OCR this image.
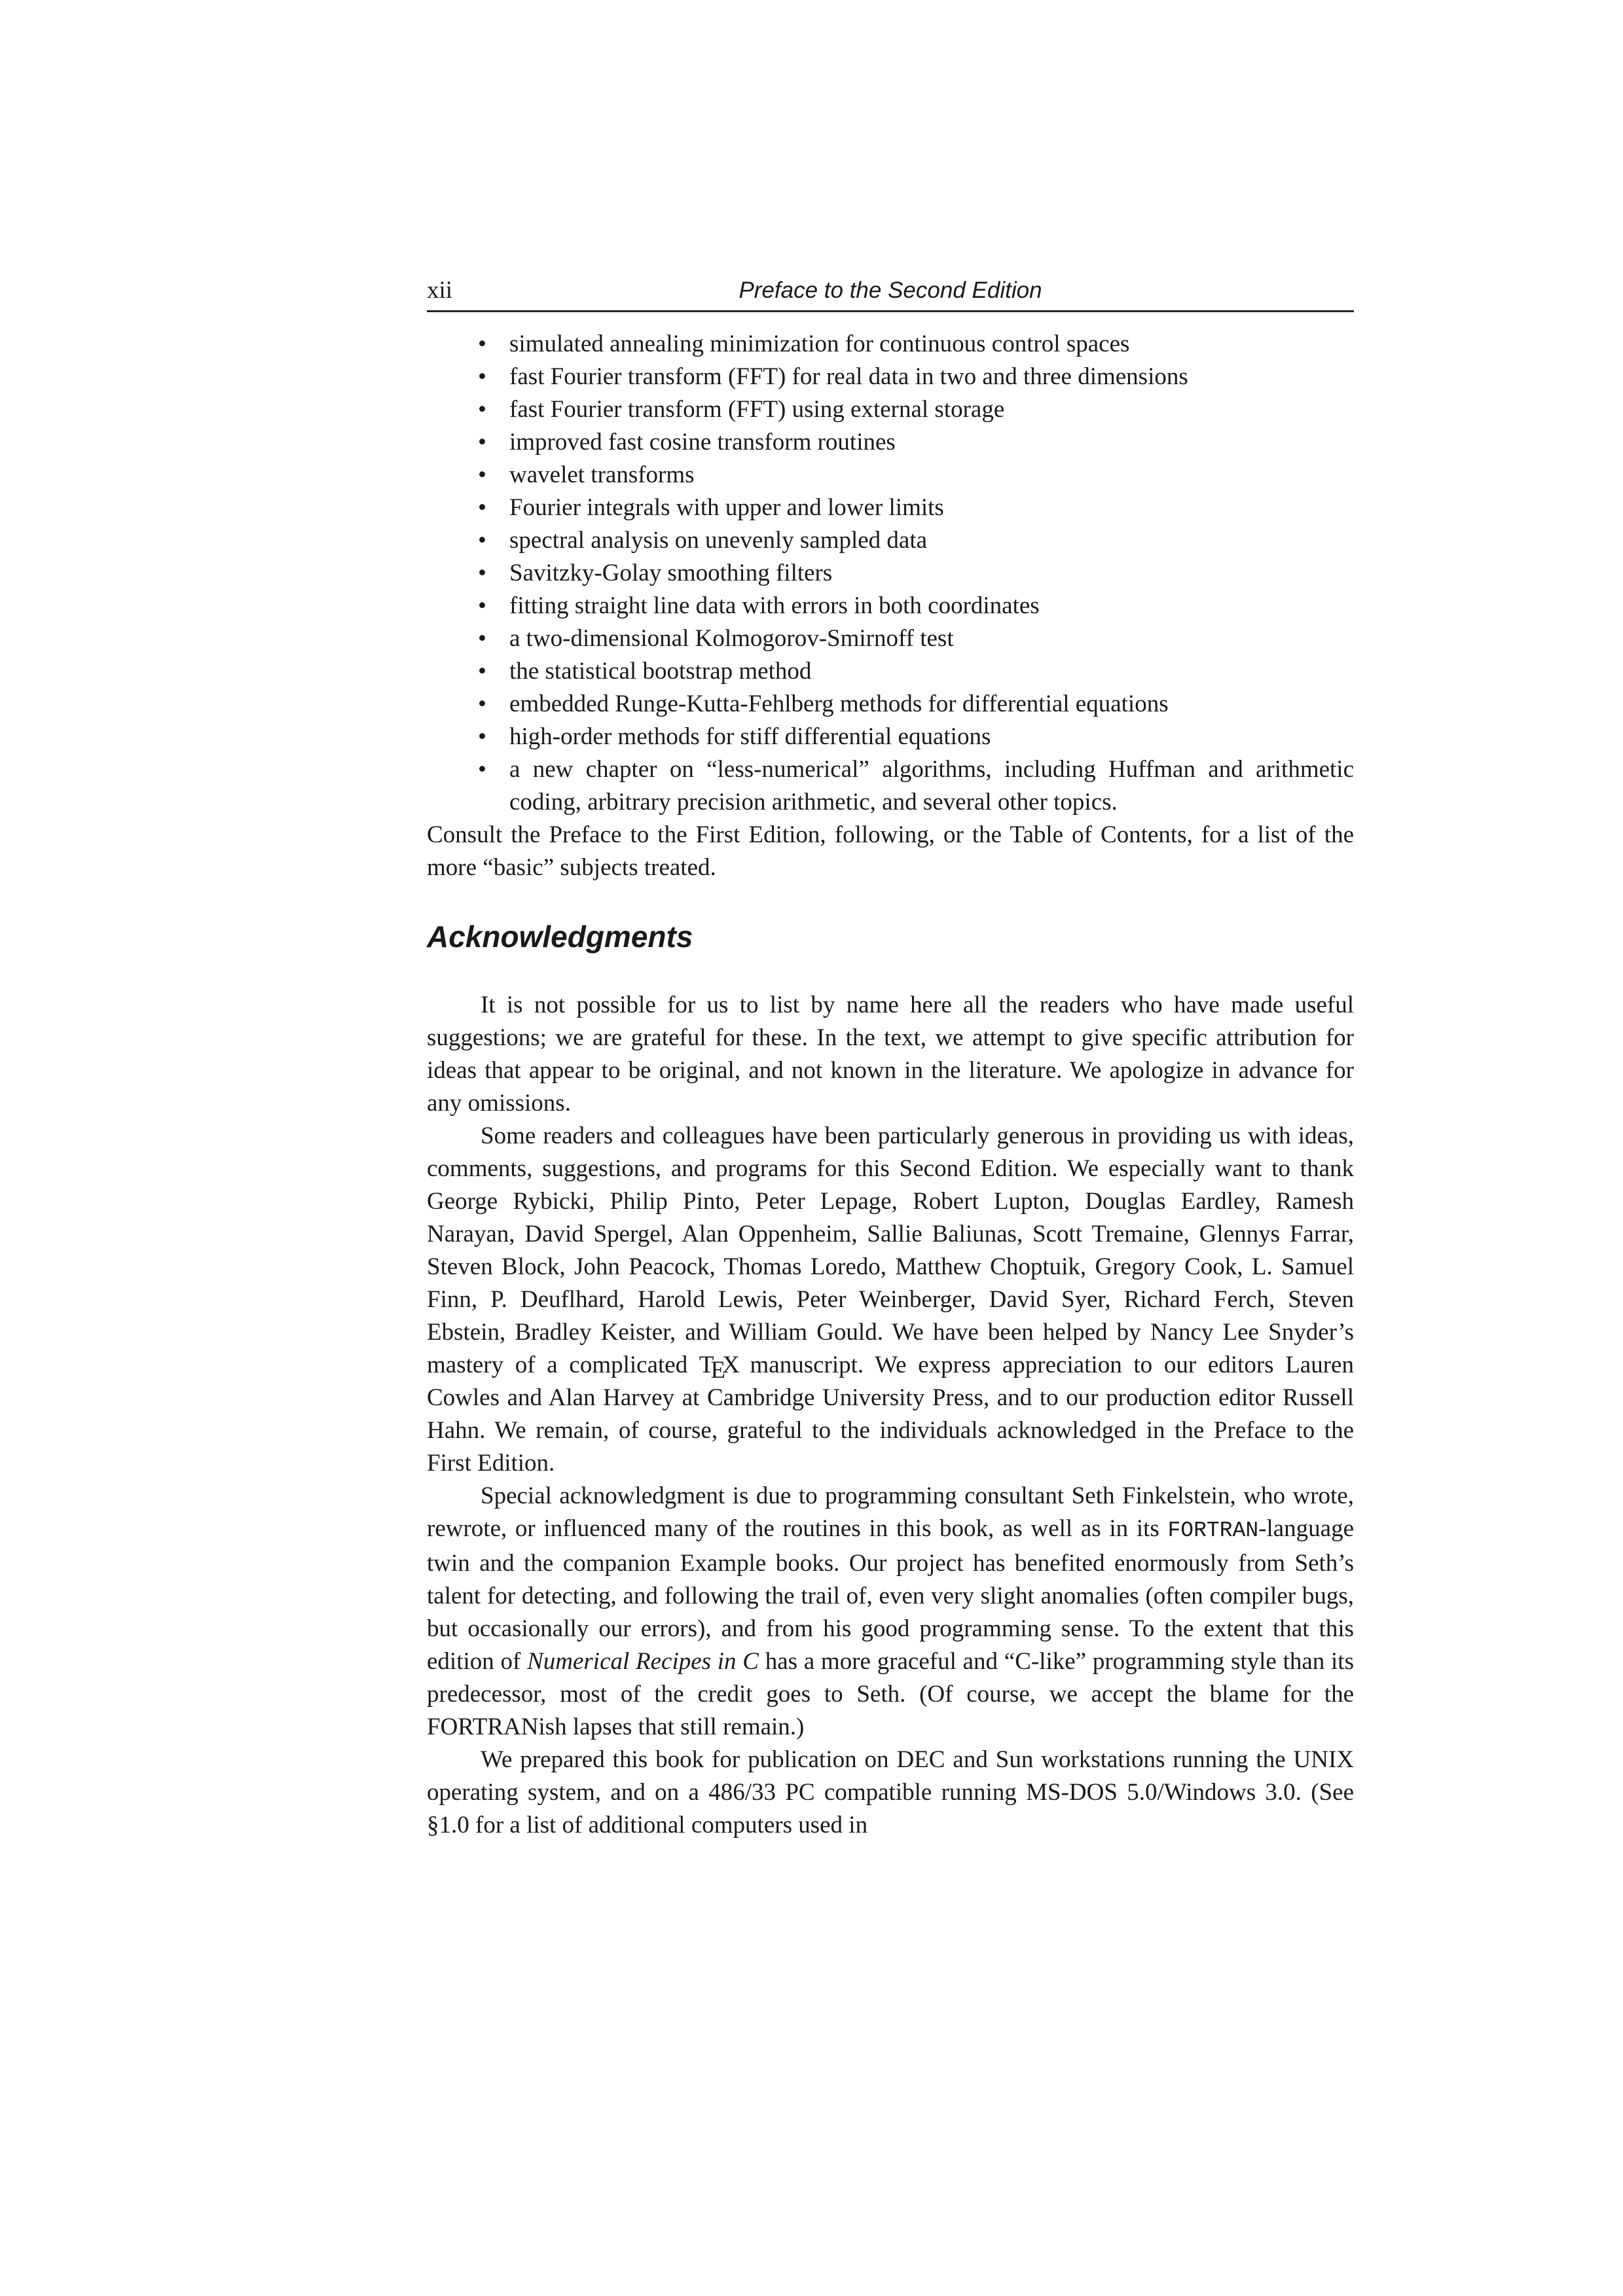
xii	Preface to the Second Edition
• simulated annealing minimization for continuous control spaces
• fast Fourier transform (FFT) for real data in two and three dimensions
• fast Fourier transform (FFT) using external storage
• improved fast cosine transform routines
• wavelet transforms
• Fourier integrals with upper and lower limits
• spectral analysis on unevenly sampled data
• Savitzky-Golay smoothing filters
• fitting straight line data with errors in both coordinates
• a two-dimensional Kolmogorov-Smirnoff test
• the statistical bootstrap method
• embedded Runge-Kutta-Fehlberg methods for differential equations
• high-order methods for stiff differential equations
• a new chapter on “less-numerical” algorithms, including Huffman and arithmetic coding, arbitrary precision arithmetic, and several other topics.

Consult the Preface to the First Edition, following, or the Table of Contents, for a list of the more “basic” subjects treated.

Acknowledgments

It is not possible for us to list by name here all the readers who have made useful suggestions; we are grateful for these. In the text, we attempt to give specific attribution for ideas that appear to be original, and not known in the literature. We apologize in advance for any omissions.

Some readers and colleagues have been particularly generous in providing us with ideas, comments, suggestions, and programs for this Second Edition. We especially want to thank George Rybicki, Philip Pinto, Peter Lepage, Robert Lupton, Douglas Eardley, Ramesh Narayan, David Spergel, Alan Oppenheim, Sallie Baliunas, Scott Tremaine, Glennys Farrar, Steven Block, John Peacock, Thomas Loredo, Matthew Choptuik, Gregory Cook, L. Samuel Finn, P. Deuflhard, Harold Lewis, Peter Weinberger, David Syer, Richard Ferch, Steven Ebstein, Bradley Keister, and William Gould. We have been helped by Nancy Lee Snyder’s mastery of a complicated TEX manuscript. We express appreciation to our editors Lauren Cowles and Alan Harvey at Cambridge University Press, and to our production editor Russell Hahn. We remain, of course, grateful to the individuals acknowledged in the Preface to the First Edition.

Special acknowledgment is due to programming consultant Seth Finkelstein, who wrote, rewrote, or influenced many of the routines in this book, as well as in its FORTRAN-language twin and the companion Example books. Our project has benefited enormously from Seth’s talent for detecting, and following the trail of, even very slight anomalies (often compiler bugs, but occasionally our errors), and from his good programming sense. To the extent that this edition of Numerical Recipes in C has a more graceful and “C-like” programming style than its predecessor, most of the credit goes to Seth. (Of course, we accept the blame for the FORTRANish lapses that still remain.)

We prepared this book for publication on DEC and Sun workstations running the UNIX operating system, and on a 486/33 PC compatible running MS-DOS 5.0/Windows 3.0. (See §1.0 for a list of additional computers used in
